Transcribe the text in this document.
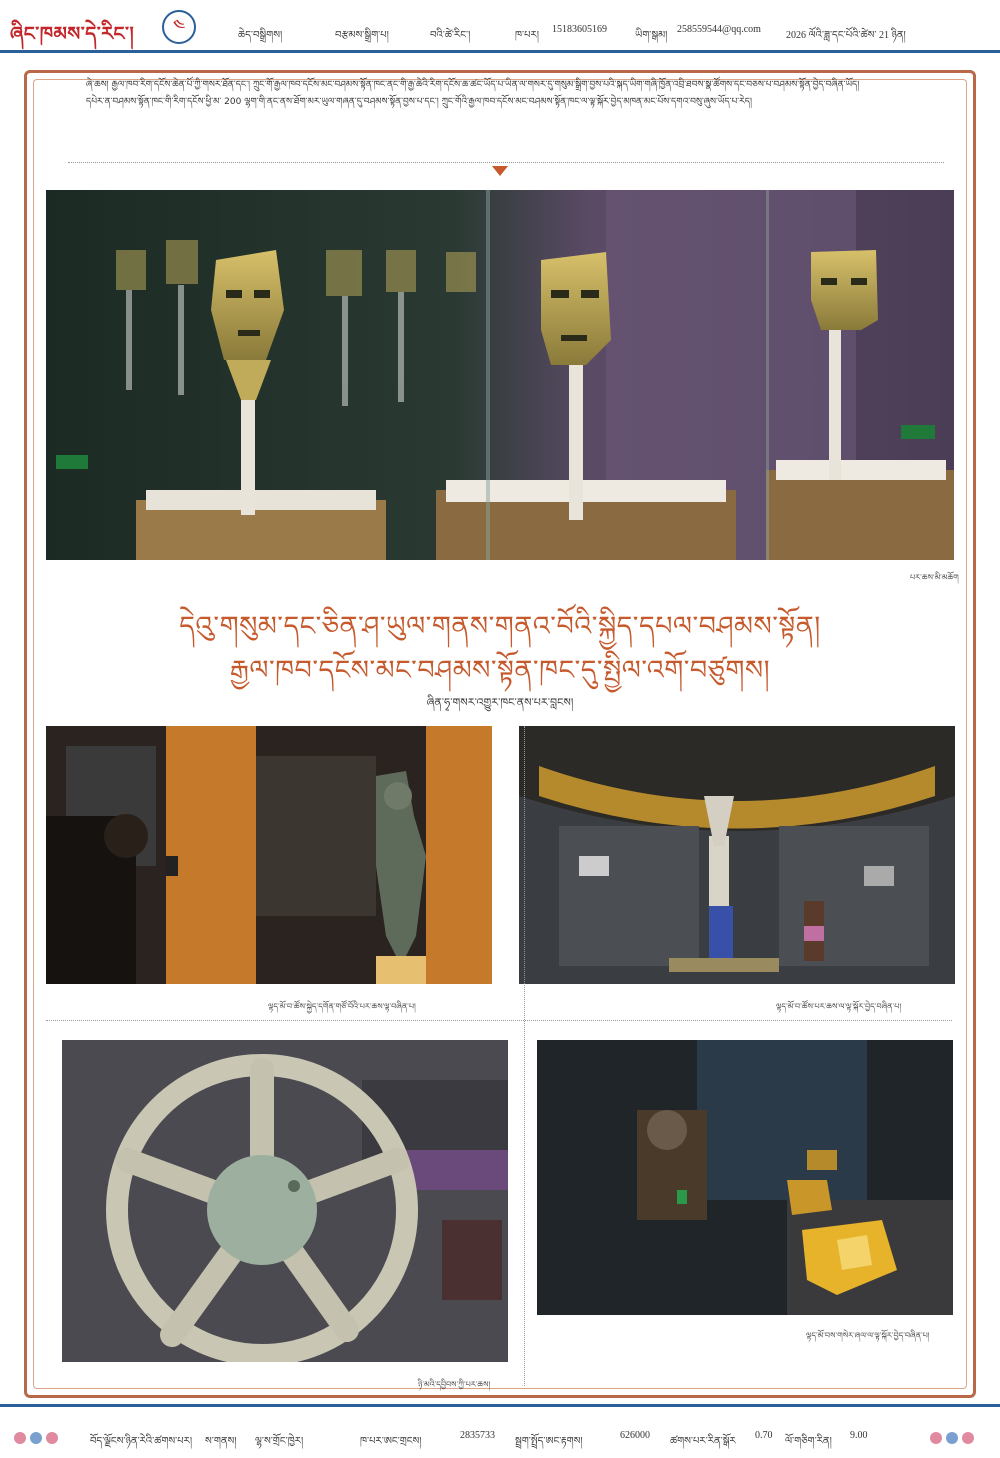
ཞིང་ཁམས་དེ་རིང་།	༤	ཆེད་བསྒྲིགས།	བརྩམས་སྒྲིག་པ།	བའི་ཚེ་རིང་།	ཁ་པར།
15183605169
ཡིག་སྒམ།
258559544@qq.com
2026 ལོའི་ཟླ་དང་པོའི་ཚེས་ 21 ཉིན།

ཞེ་ཆས། རྒྱལ་ཁབ་རིག་དངོས་ཆེན་པོ་ཀྱི་གསར་ཐོན་དང་། ཀྲུང་གོ་རྒྱལ་ཁབ་དངོས་མང་བཤམས་སྟོན་ཁང་ནང་གི་རྒྱ་ཆེའི་རིག་དངོས་ཆ་ཚང་ཡོད་པ་ཡིན་ལ་གསར་དུ་གསུམ་སྒྲིག་བྱས་པའི་སྐད་ཡིག་གཞི་ཁྱོན་འབྲི་ཐབས་སྣ་ཚོགས་དང་བཅས་པ་བཤམས་སྟོན་བྱེད་བཞིན་ཡོད།

དཔེར་ན་བཤམས་སྟོན་ཁང་གི་རིག་དངོས་ཕྱི་མ་ 200 ལྷག་གི་ནང་ནས་ཐོག་མར་ཡུལ་གཞན་དུ་བཤམས་སྟོན་བྱས་པ་དང་། ཀྲུང་གོའི་རྒྱལ་ཁབ་དངོས་མང་བཤམས་སྟོན་ཁང་ལ་ལྟ་སྐོར་བྱེད་མཁན་མང་པོས་དགའ་བསུ་ཞུས་ཡོད་པ་རེད།

པར་ཆས་མི་མཆོག
དེའུ་གསུམ་དང་ཅིན་ཤ་ཡུལ་གནས་གནའ་བོའི་སྐྱིད་དཔལ་བཤམས་སྟོན།
རྒྱལ་ཁབ་དངོས་མང་བཤམས་སྟོན་ཁང་དུ་སྤྱིལ་འགོ་བཙུགས།
ཞིན་ཧྭ་གསར་འགྱུར་ཁང་ནས་པར་བླངས།
ལྟད་མོ་བ་ཚོས་སྐྱེད་དགོན་གཙོ་བོའི་པར་ཆས་ལྟ་བཞིན་པ།	ལྟད་མོ་བ་ཚོས་པར་ཆས་ལ་ལྟ་སྐོར་བྱེད་བཞིན་པ།
ཉི་མའི་དབྱིབས་ཀྱི་པར་ཆས།
ལྟད་མོ་བས་གསེར་ཞལ་ལ་ལྟ་སྐོར་བྱེད་བཞིན་པ།
བོད་ལྗོངས་ཉིན་རེའི་ཚགས་པར། ས་གནས། ལྷ་ས་གྲོང་ཁྱེར།	ཁ་པར་ཨང་གྲངས།
2835733
སྦྲག་སྤྲོད་ཨང་རྟགས།
626000
ཚགས་པར་རིན་སྒོར
0.70
ལོ་གཅིག་རིན།
9.00
